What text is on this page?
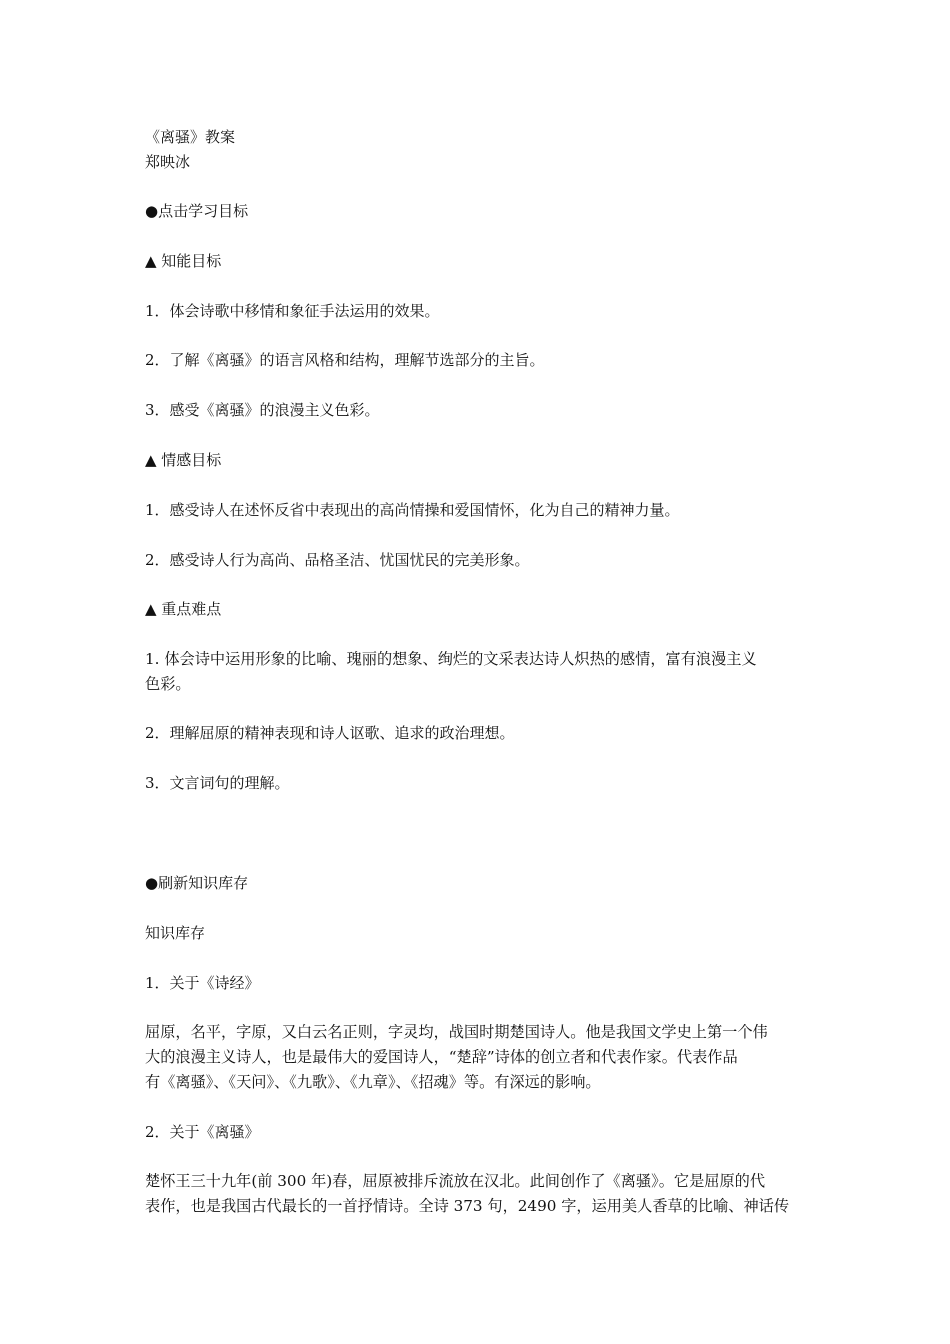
《离骚》教案
郑映冰
●点击学习目标
▲ 知能目标
1．体会诗歌中移情和象征手法运用的效果。
2．了解《离骚》的语言风格和结构，理解节选部分的主旨。
3．感受《离骚》的浪漫主义色彩。
▲ 情感目标
1．感受诗人在述怀反省中表现出的高尚情操和爱国情怀，化为自己的精神力量。
2．感受诗人行为高尚、品格圣洁、忧国忧民的完美形象。
▲ 重点难点
1. 体会诗中运用形象的比喻、瑰丽的想象、绚烂的文采表达诗人炽热的感情，富有浪漫主义
色彩。
2．理解屈原的精神表现和诗人讴歌、追求的政治理想。
3．文言词句的理解。
●刷新知识库存
知识库存
1．关于《诗经》
屈原，名平，字原，又白云名正则，字灵均，战国时期楚国诗人。他是我国文学史上第一个伟
大的浪漫主义诗人，也是最伟大的爱国诗人，“楚辞”诗体的创立者和代表作家。代表作品
有《离骚》、《天问》、《九歌》、《九章》、《招魂》等。有深远的影响。
2．关于《离骚》
楚怀王三十九年(前 300 年)春，屈原被排斥流放在汉北。此间创作了《离骚》。它是屈原的代
表作，也是我国古代最长的一首抒情诗。全诗 373 句，2490 字，运用美人香草的比喻、神话传
